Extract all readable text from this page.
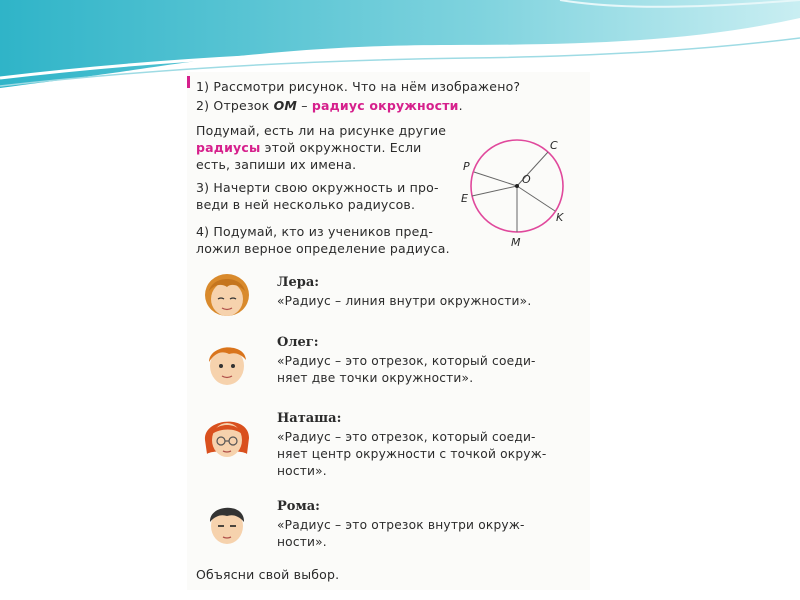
1) Рассмотри рисунок. Что на нём изображено?
2) Отрезок OM – радиус окружности.
Подумай, есть ли на рисунке другие
радиусы этой окружности. Если
есть, запиши их имена.
3) Начерти свою окружность и про-
веди в ней несколько радиусов.
4) Подумай, кто из учеников пред-
ложил верное определение радиуса.
C
P
O
E
K
M
Лера:
«Радиус – линия внутри окружности».
Олег:
«Радиус – это отрезок, который соеди-
няет две точки окружности».
Наташа:
«Радиус – это отрезок, который соеди-
няет центр окружности с точкой окруж-
ности».
Рома:
«Радиус – это отрезок внутри окруж-
ности».
Объясни свой выбор.
